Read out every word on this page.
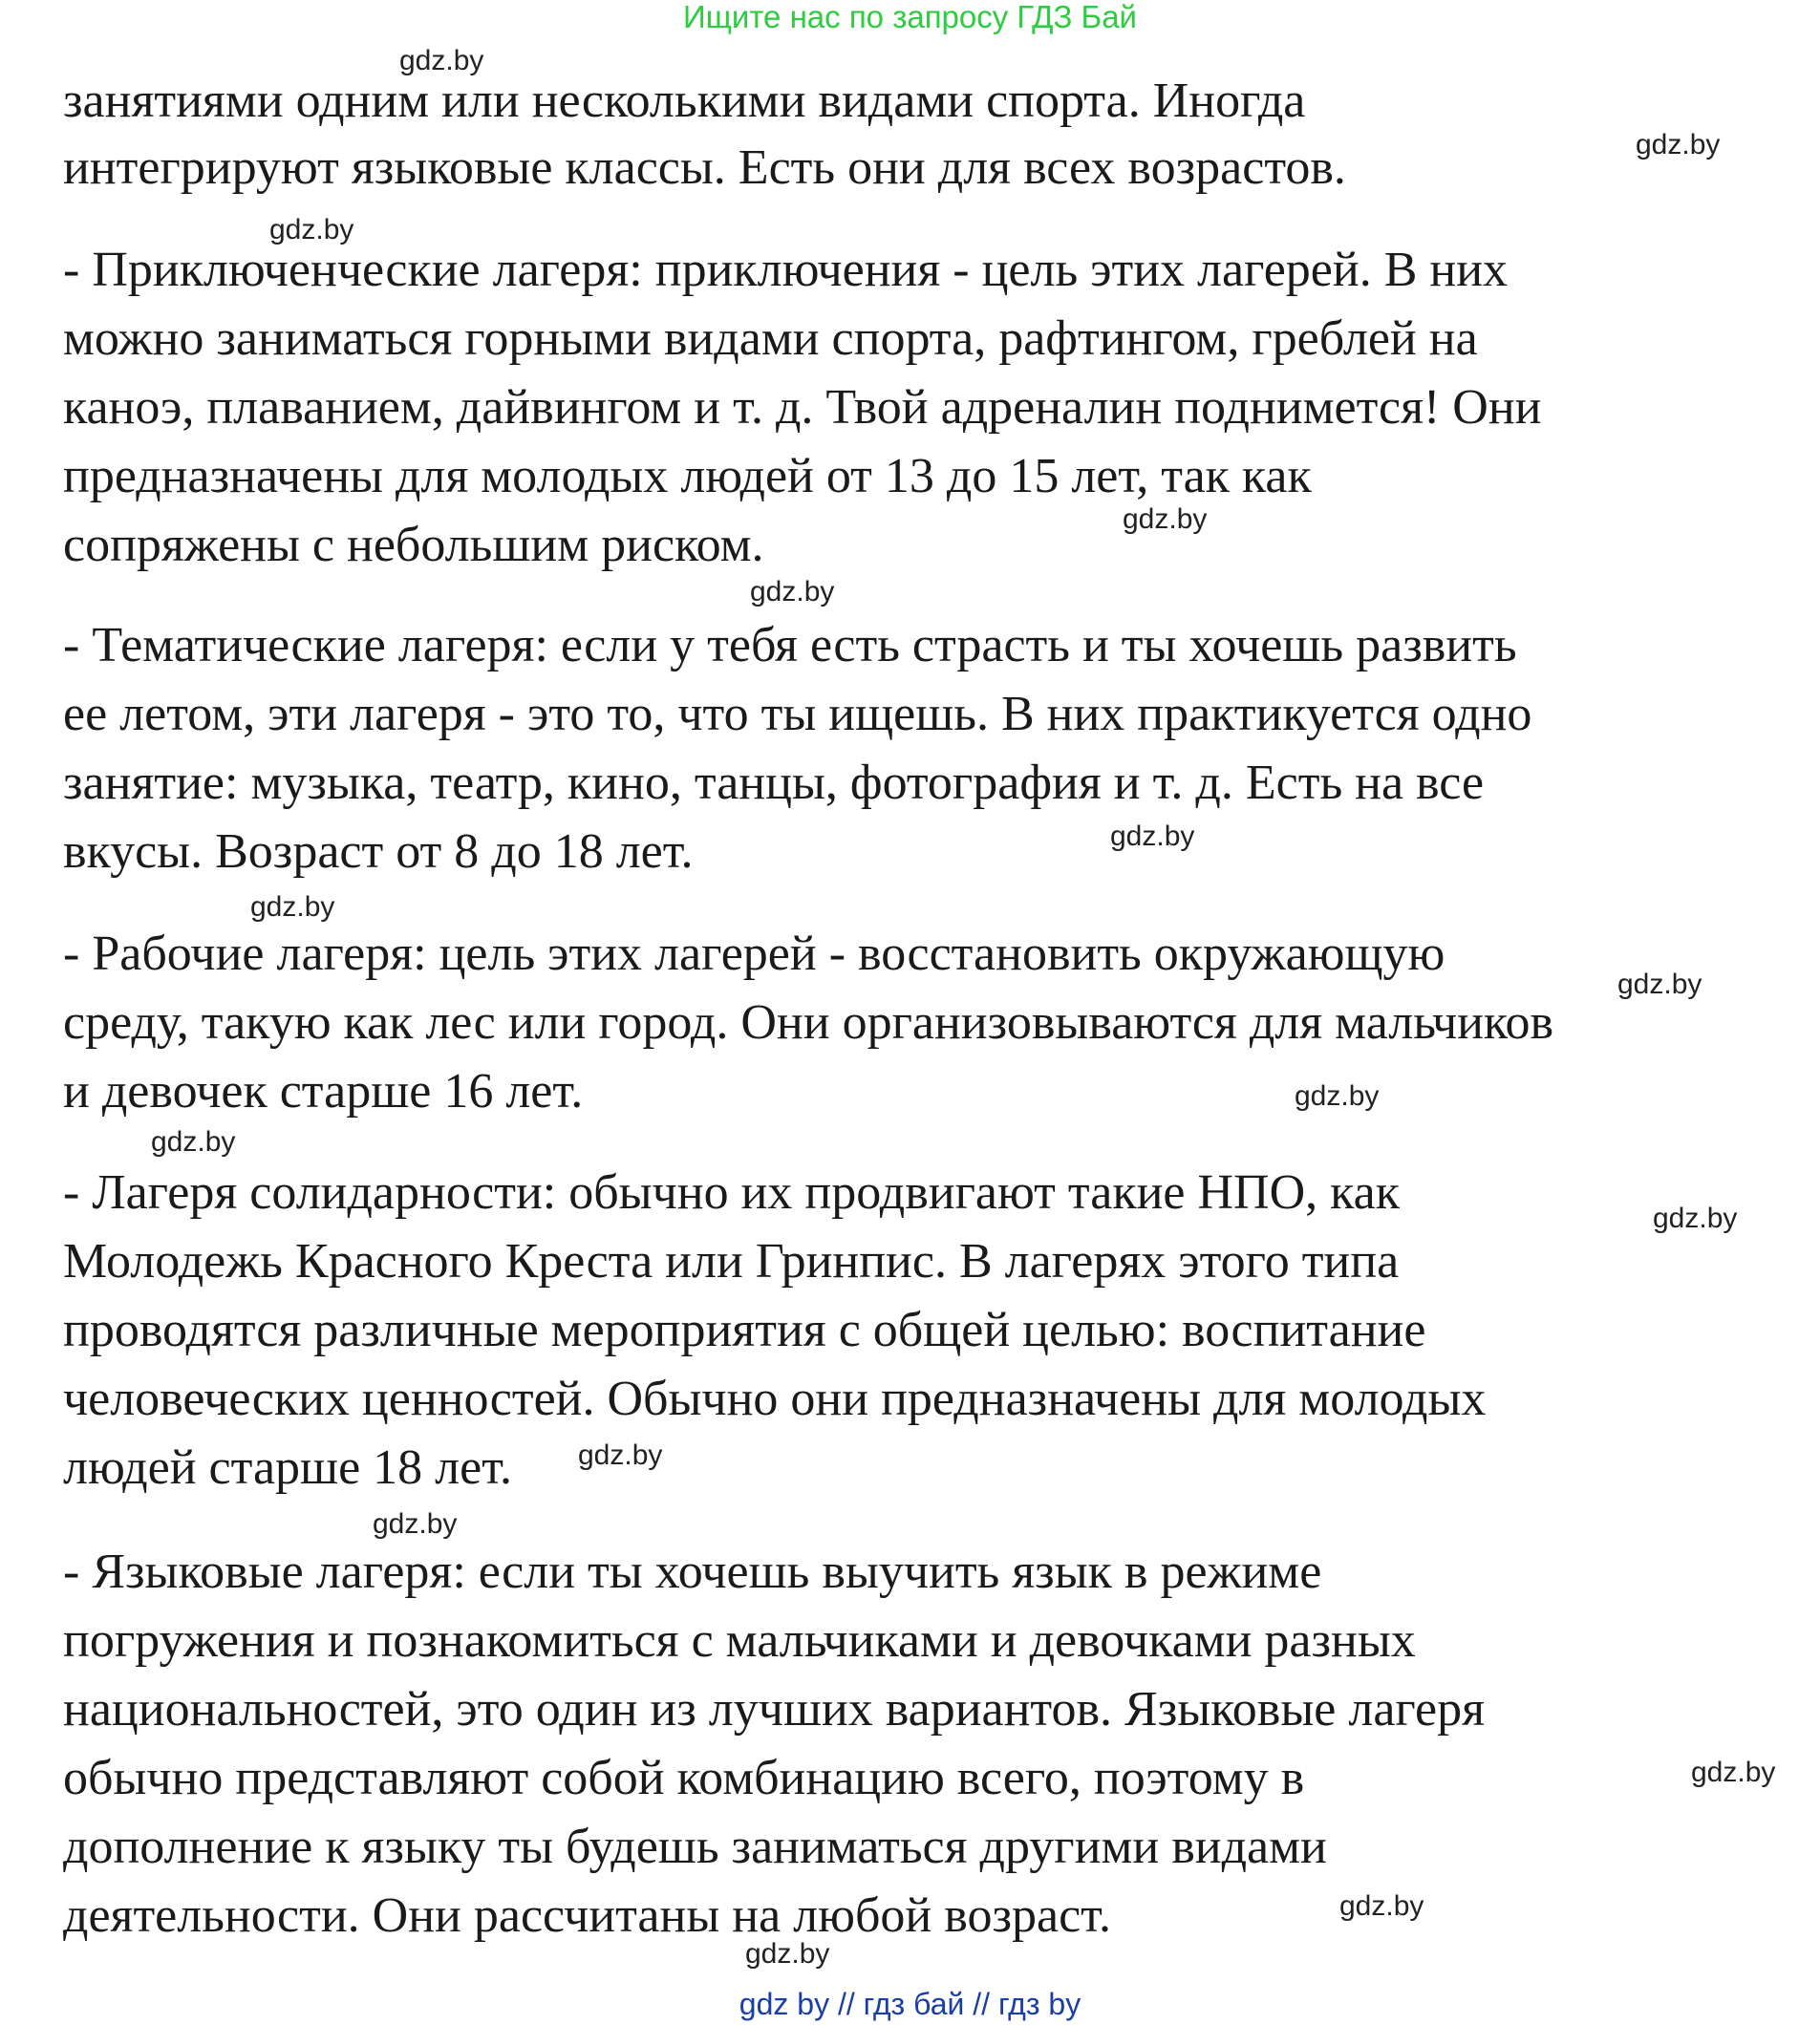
Ищите нас по запросу ГДЗ Бай

занятиями одним или несколькими видами спорта. Иногда

интегрируют языковые классы. Есть они для всех возрастов.

- Приключенческие лагеря: приключения - цель этих лагерей. В них

можно заниматься горными видами спорта, рафтингом, греблей на

каноэ, плаванием, дайвингом и т. д. Твой адреналин поднимется! Они

предназначены для молодых людей от 13 до 15 лет, так как

сопряжены с небольшим риском.

- Тематические лагеря: если у тебя есть страсть и ты хочешь развить

ее летом, эти лагеря - это то, что ты ищешь. В них практикуется одно

занятие: музыка, театр, кино, танцы, фотография и т. д. Есть на все

вкусы. Возраст от 8 до 18 лет.

- Рабочие лагеря: цель этих лагерей - восстановить окружающую

среду, такую как лес или город. Они организовываются для мальчиков

и девочек старше 16 лет.

- Лагеря солидарности: обычно их продвигают такие НПО, как

Молодежь Красного Креста или Гринпис. В лагерях этого типа

проводятся различные мероприятия с общей целью: воспитание

человеческих ценностей. Обычно они предназначены для молодых

людей старше 18 лет.

- Языковые лагеря: если ты хочешь выучить язык в режиме

погружения и познакомиться с мальчиками и девочками разных

национальностей, это один из лучших вариантов. Языковые лагеря

обычно представляют собой комбинацию всего, поэтому в

дополнение к языку ты будешь заниматься другими видами

деятельности. Они рассчитаны на любой возраст.

gdz.by
gdz.by
gdz.by
gdz.by
gdz.by
gdz.by
gdz.by
gdz.by
gdz.by
gdz.by
gdz.by
gdz.by
gdz.by
gdz.by
gdz.by
gdz.by
gdz by // гдз бай // гдз by
